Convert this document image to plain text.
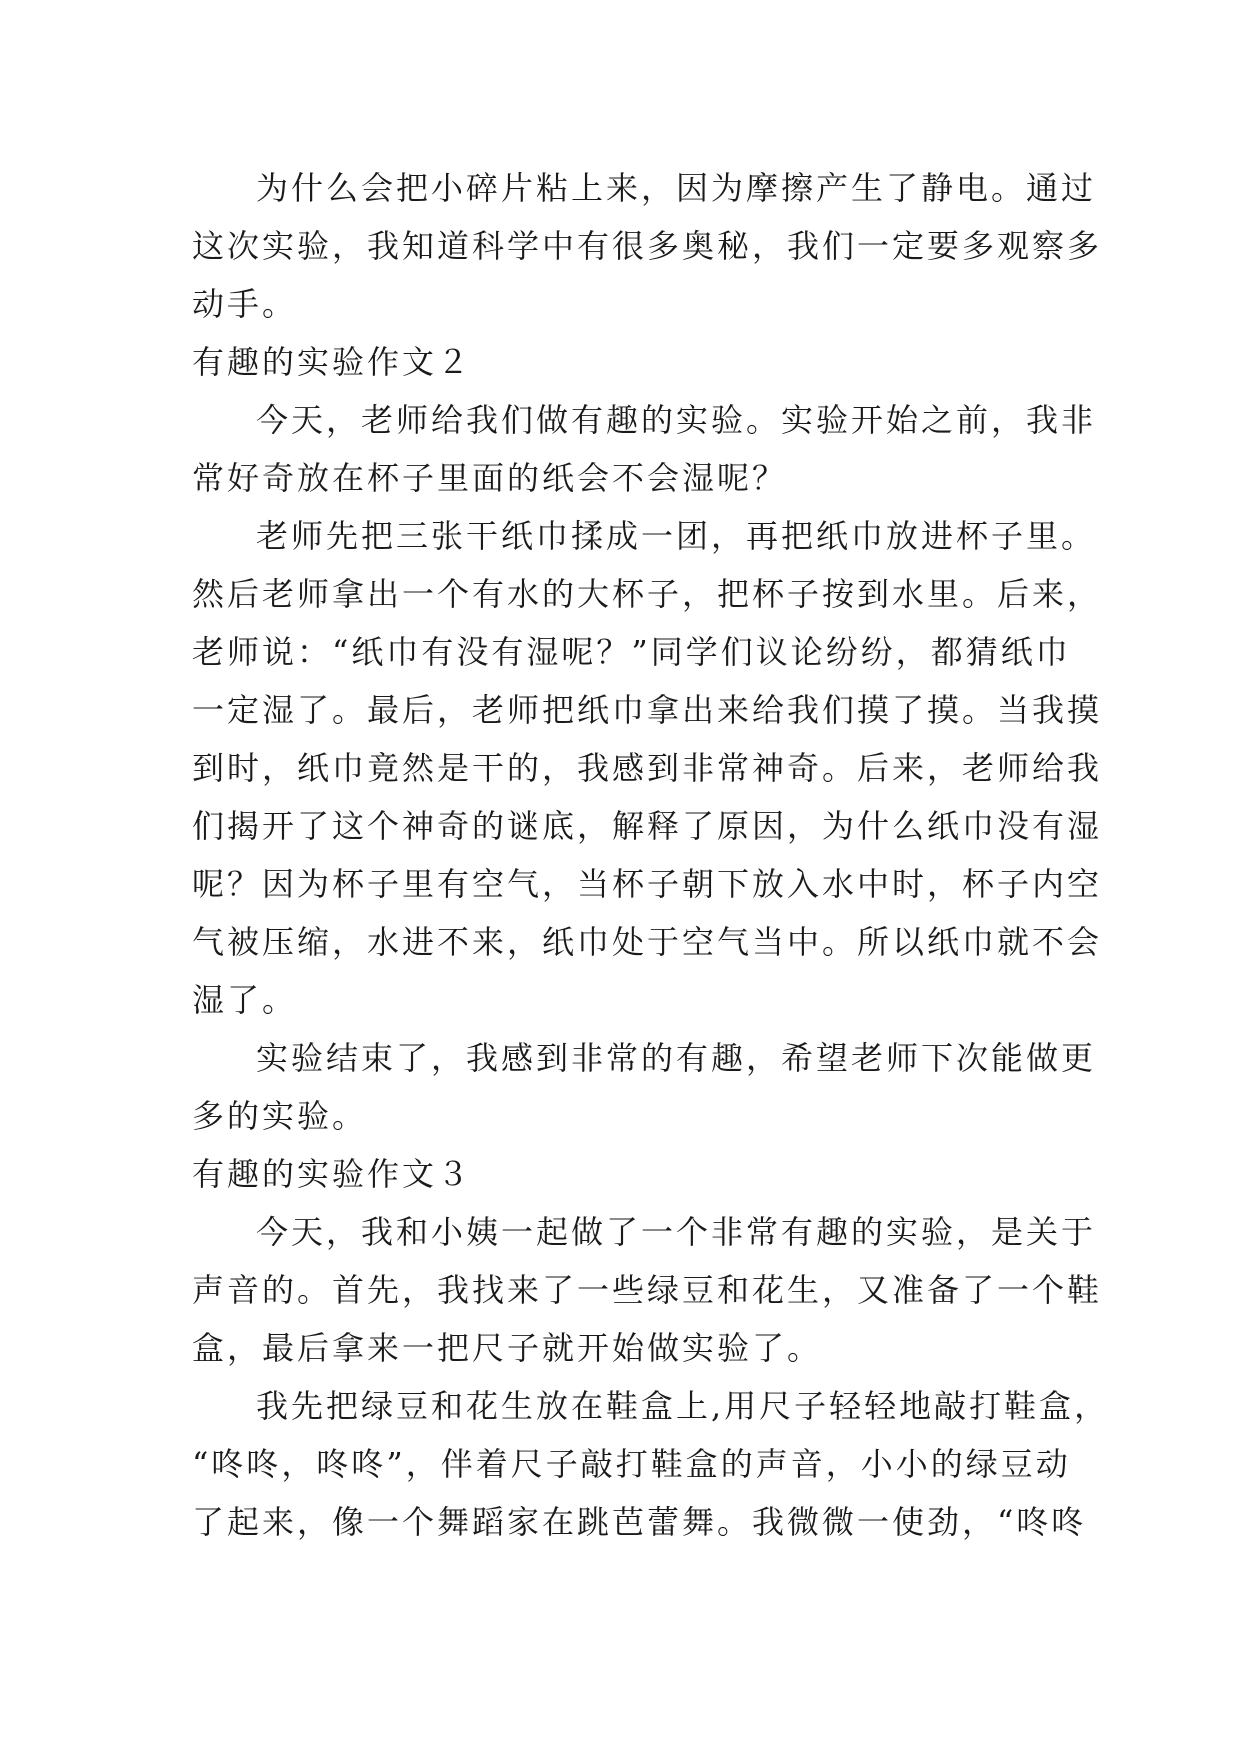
为什么会把小碎片粘上来，因为摩擦产生了静电。通过
这次实验，我知道科学中有很多奥秘，我们一定要多观察多
动手。
有趣的实验作文２
今天，老师给我们做有趣的实验。实验开始之前，我非
常好奇放在杯子里面的纸会不会湿呢？
老师先把三张干纸巾揉成一团，再把纸巾放进杯子里。
然后老师拿出一个有水的大杯子，把杯子按到水里。后来，
老师说：“纸巾有没有湿呢？”同学们议论纷纷，都猜纸巾
一定湿了。最后，老师把纸巾拿出来给我们摸了摸。当我摸
到时，纸巾竟然是干的，我感到非常神奇。后来，老师给我
们揭开了这个神奇的谜底，解释了原因，为什么纸巾没有湿
呢？因为杯子里有空气，当杯子朝下放入水中时，杯子内空
气被压缩，水进不来，纸巾处于空气当中。所以纸巾就不会
湿了。
实验结束了，我感到非常的有趣，希望老师下次能做更
多的实验。
有趣的实验作文３
今天，我和小姨一起做了一个非常有趣的实验，是关于
声音的。首先，我找来了一些绿豆和花生，又准备了一个鞋
盒，最后拿来一把尺子就开始做实验了。
我先把绿豆和花生放在鞋盒上,用尺子轻轻地敲打鞋盒，
“咚咚，咚咚”，伴着尺子敲打鞋盒的声音，小小的绿豆动
了起来，像一个舞蹈家在跳芭蕾舞。我微微一使劲，“咚咚
